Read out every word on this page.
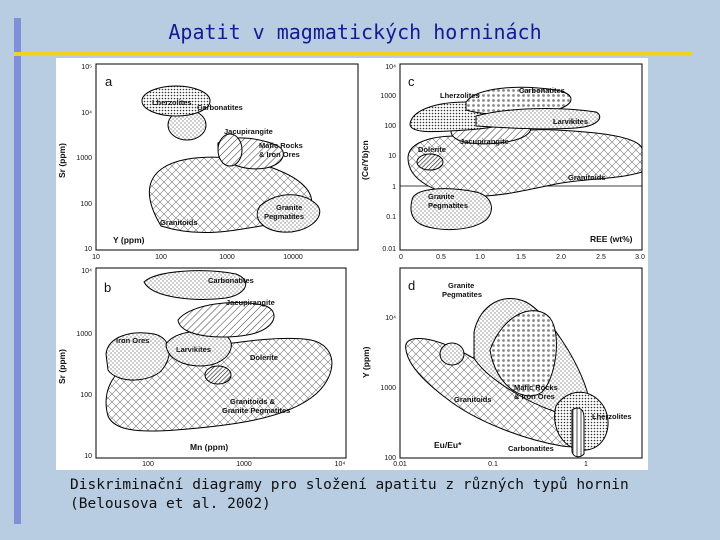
Apatit v magmatických horninách
Lherzolites
Carbonatites
Jacupirangite
Mafic Rocks
& Iron Ores
Granite
Pegmatites
Granitoids
a
Y (ppm)
Sr (ppm)
10	100	1000	10000
10⁵
10⁴
1000
100
10
Lherzolites
Carbonatites
Larvikites
Jacupirangite
Dolerite
Granitoids
Granite
Pegmatites
c
REE (wt%)
(Ce/Yb)cn
0	0.5	1.0	1.5	2.0	2.5	3.0
10⁴
1000
100
10
1
0.1
0.01
Carbonatites
Jacupirangite
Iron Ores
Larvikites
Dolerite
Granitoids &
Granite Pegmatites
b
Mn (ppm)
Sr (ppm)
100	1000	10⁴
10⁴
1000
100
10
Granite
Pegmatites
Granitoids
Mafic Rocks
& Iron Ores
Lherzolites
Carbonatites
d
Eu/Eu*
Y (ppm)
0.01	0.1	1
10⁴
1000
100
Diskriminační diagramy pro složení apatitu z různých typů hornin
(Belousova et al. 2002)
